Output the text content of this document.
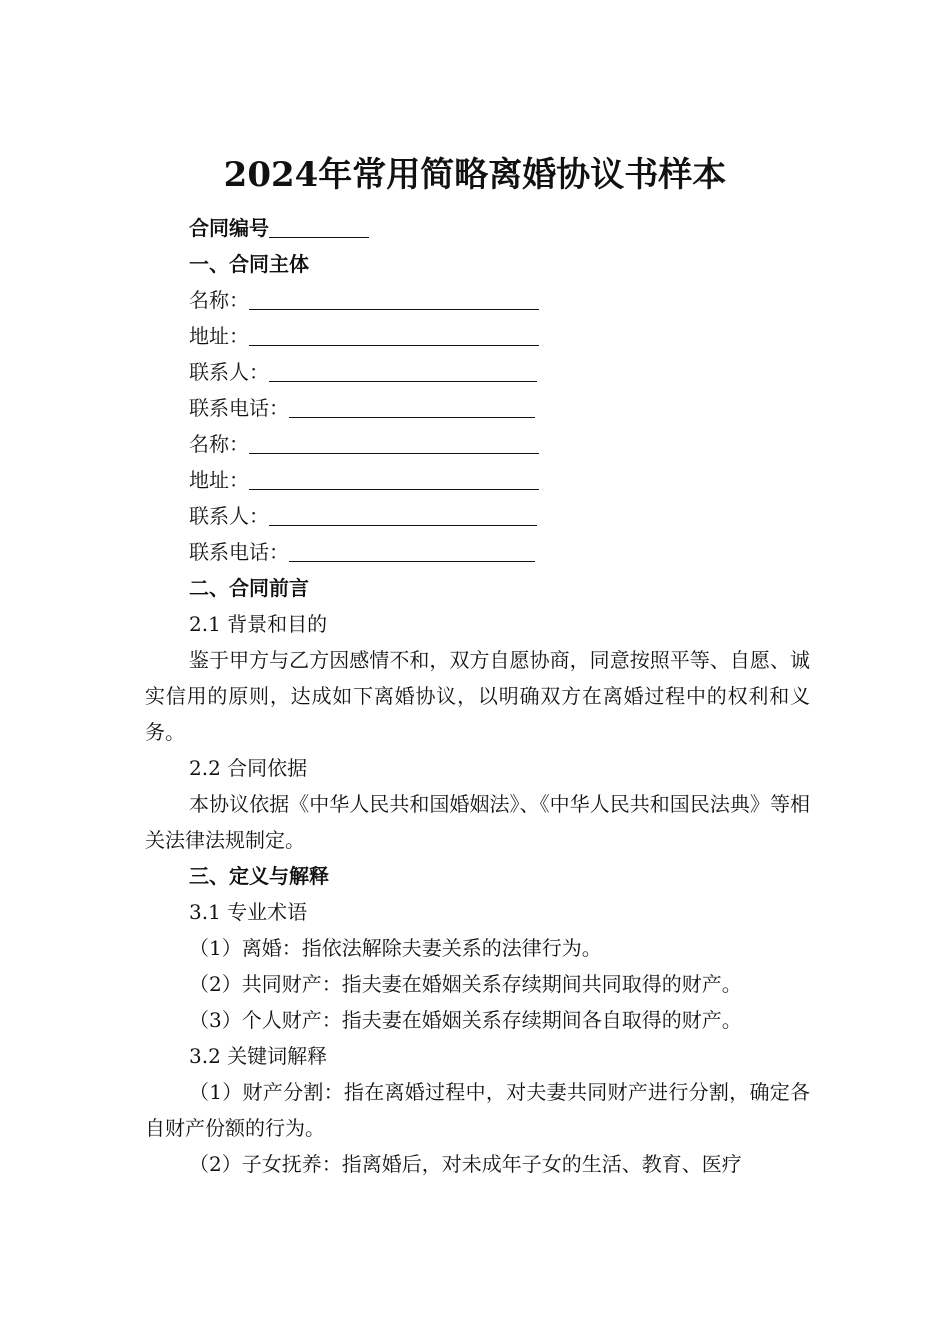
2024年常用简略离婚协议书样本

合同编号

一、合同主体

名称：

地址：

联系人：

联系电话：

名称：

地址：

联系人：

联系电话：

二、合同前言

2.1 背景和目的

鉴于甲方与乙方因感情不和，双方自愿协商，同意按照平等、自愿、诚实信用的原则，达成如下离婚协议，以明确双方在离婚过程中的权利和义务。

2.2 合同依据

本协议依据《中华人民共和国婚姻法》、《中华人民共和国民法典》等相关法律法规制定。

三、定义与解释

3.1 专业术语

（1）离婚：指依法解除夫妻关系的法律行为。

（2）共同财产：指夫妻在婚姻关系存续期间共同取得的财产。

（3）个人财产：指夫妻在婚姻关系存续期间各自取得的财产。

3.2 关键词解释

（1）财产分割：指在离婚过程中，对夫妻共同财产进行分割，确定各自财产份额的行为。

（2）子女抚养：指离婚后，对未成年子女的生活、教育、医疗
